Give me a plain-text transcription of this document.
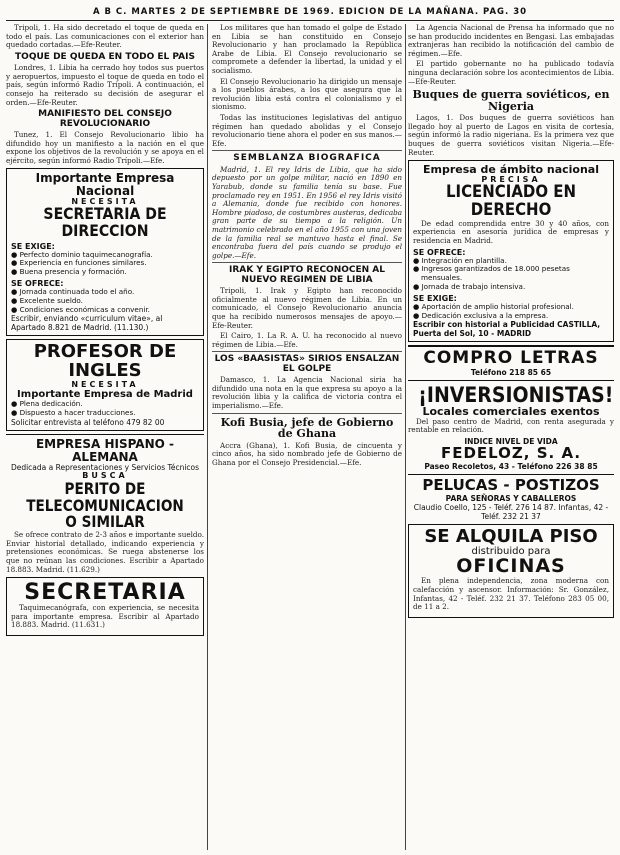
A B C. MARTES 2 DE SEPTIEMBRE DE 1969. EDICION DE LA MAÑANA. PAG. 30

Tripoli, 1. Ha sido decretado el toque de queda en todo el país. Las comunicaciones con el exterior han quedado cortadas.—Efe-Reuter.

TOQUE DE QUEDA EN TODO EL PAIS

Londres, 1. Libia ha cerrado hoy todos sus puertos y aeropuertos, impuesto el toque de queda en todo el país, según informó Radio Trípoli. A continuación, el consejo ha reiterado su decisión de asegurar el orden.—Efe-Reuter.

MANIFIESTO DEL CONSEJO REVOLUCIONARIO

Tunez, 1. El Consejo Revolucionario libio ha difundido hoy un manifiesto a la nación en el que expone los objetivos de la revolución y se apoya en el ejército, según informó Radio Trípoli.—Efe.

Importante Empresa Nacional
NECESITA
SECRETARIA DE DIRECCION
SE EXIGE:
● Perfecto dominio taquimecanografía.
● Experiencia en funciones similares.
● Buena presencia y formación.
SE OFRECE:
● Jornada continuada todo el año.
● Excelente sueldo.
● Condiciones económicas a convenir.
Escribir, enviando «curriculum vitae», al Apartado 8.821 de Madrid. (11.130.)
PROFESOR DE INGLES
NECESITA
Importante Empresa de Madrid
● Plena dedicación.
● Dispuesto a hacer traducciones.
Solicitar entrevista al teléfono 479 82 00
EMPRESA HISPANO - ALEMANA
Dedicada a Representaciones y Servicios Técnicos
BUSCA
PERITO DE TELECOMUNICACION O SIMILAR

Se ofrece contrato de 2-3 años e importante sueldo. Enviar historial detallado, indicando experiencia y pretensiones económicas. Se ruega abstenerse los que no reúnan las condiciones. Escribir a Apartado 18.883. Madrid. (11.629.)

SECRETARIA

Taquimecanógrafa, con experiencia, se necesita para importante empresa. Escribir al Apartado 18.883. Madrid. (11.631.)

Los militares que han tomado el golpe de Estado en Libia se han constituido en Consejo Revolucionario y han proclamado la República Arabe de Libia. El Consejo revolucionario se compromete a defender la libertad, la unidad y el socialismo.

El Consejo Revolucionario ha dirigido un mensaje a los pueblos árabes, a los que asegura que la revolución libia está contra el colonialismo y el sionismo.

Todas las instituciones legislativas del antiguo régimen han quedado abolidas y el Consejo revolucionario tiene ahora el poder en sus manos.—Efe.

SEMBLANZA BIOGRAFICA

Madrid, 1. El rey Idris de Libia, que ha sido depuesto por un golpe militar, nació en 1890 en Yarabub, donde su familia tenía su base. Fue proclamado rey en 1951. En 1956 el rey Idris visitó a Alemania, donde fue recibido con honores. Hombre piadoso, de costumbres austeras, dedicaba gran parte de su tiempo a la religión. Un matrimonio celebrado en el año 1955 con una joven de la familia real se mantuvo hasta el final. Se encontraba fuera del país cuando se produjo el golpe.—Efe.

IRAK Y EGIPTO RECONOCEN AL NUEVO REGIMEN DE LIBIA

Tripoli, 1. Irak y Egipto han reconocido oficialmente al nuevo régimen de Libia. En un comunicado, el Consejo Revolucionario anuncia que ha recibido numerosos mensajes de apoyo.—Efe-Reuter.

El Cairo, 1. La R. A. U. ha reconocido al nuevo régimen de Libia.—Efe.

LOS «BAASISTAS» SIRIOS ENSALZAN EL GOLPE

Damasco, 1. La Agencia Nacional siria ha difundido una nota en la que expresa su apoyo a la revolución libia y la califica de victoria contra el imperialismo.—Efe.

Kofi Busia, jefe de Gobierno de Ghana

Accra (Ghana), 1. Kofi Busia, de cincuenta y cinco años, ha sido nombrado jefe de Gobierno de Ghana por el Consejo Presidencial.—Efe.

La Agencia Nacional de Prensa ha informado que no se han producido incidentes en Bengasi. Las embajadas extranjeras han recibido la notificación del cambio de régimen.—Efe.

El partido gobernante no ha publicado todavía ninguna declaración sobre los acontecimientos de Libia.—Efe-Reuter.

Buques de guerra soviéticos, en Nigeria

Lagos, 1. Dos buques de guerra soviéticos han llegado hoy al puerto de Lagos en visita de cortesía, según informó la radio nigeriana. Es la primera vez que buques de guerra soviéticos visitan Nigeria.—Efe-Reuter.

Empresa de ámbito nacional
PRECISA
LICENCIADO EN DERECHO

De edad comprendida entre 30 y 40 años, con experiencia en asesoría jurídica de empresas y residencia en Madrid.

SE OFRECE:
● Integración en plantilla.
● Ingresos garantizados de 18.000 pesetas mensuales.
● Jornada de trabajo intensiva.
SE EXIGE:
● Aportación de amplio historial profesional.
● Dedicación exclusiva a la empresa.
Escribir con historial a Publicidad CASTILLA, Puerta del Sol, 10 - MADRID
COMPRO LETRAS
Teléfono 218 85 65
¡INVERSIONISTAS!
Locales comerciales exentos

Del paso centro de Madrid, con renta asegurada y rentable en relación.

INDICE NIVEL DE VIDA
FEDELOZ, S. A.
Paseo Recoletos, 43 - Teléfono 226 38 85
PELUCAS - POSTIZOS
PARA SEÑORAS Y CABALLEROS
Claudio Coello, 125 - Teléf. 276 14 87. Infantas, 42 - Teléf. 232 21 37
SE ALQUILA PISO
distribuido para
OFICINAS

En plena independencia, zona moderna con calefacción y ascensor. Información: Sr. González, Infantas, 42 - Teléf. 232 21 37. Teléfono 283 05 00, de 11 a 2.
